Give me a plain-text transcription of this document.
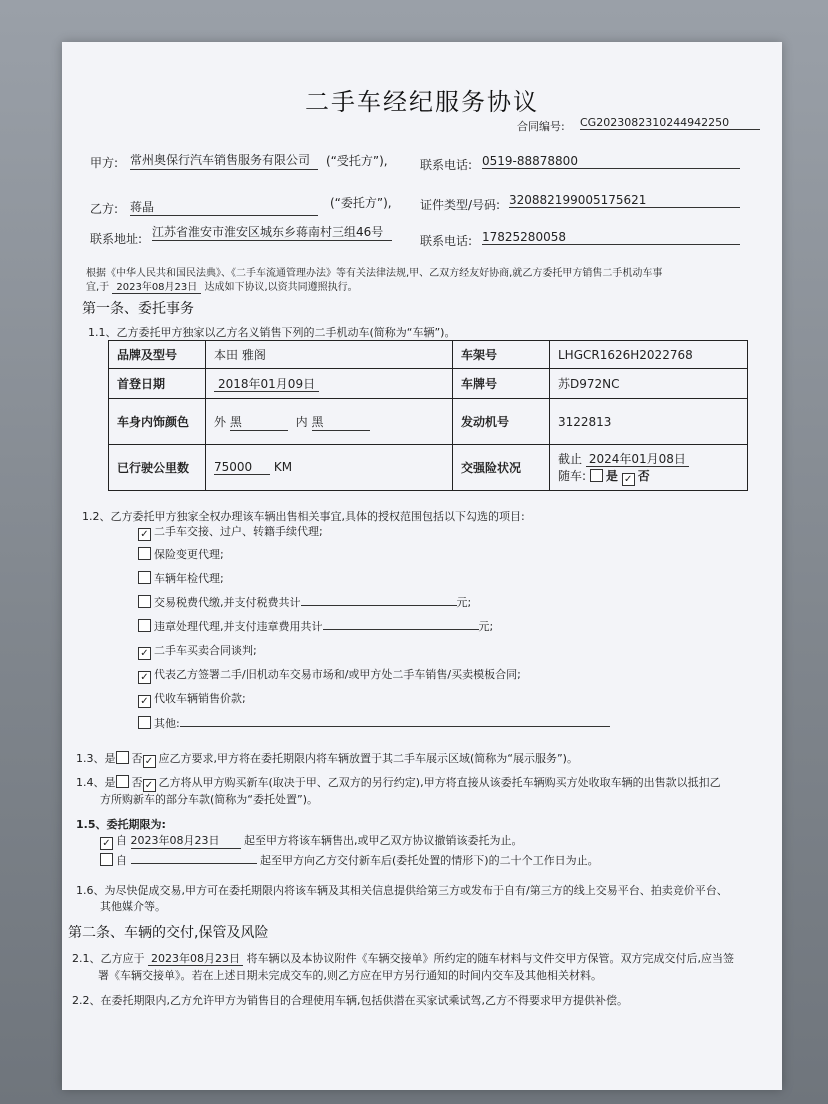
二手车经纪服务协议
合同编号: CG2023082310244942250
甲方: 常州奥保行汽车销售服务有限公司	(“受托方”),	联系电话: 0519-88878800
乙方: 蒋晶	(“委托方”), 证件类型/号码: 320882199005175621
联系地址: 江苏省淮安市淮安区城东乡蒋南村三组46号
联系电话: 17825280058
根据《中华人民共和国民法典》、《二手车流通管理办法》等有关法律法规,甲、乙双方经友好协商,就乙方委托甲方销售二手机动车事
宜,于 2023年08月23日 达成如下协议,以资共同遵照执行。
第一条、委托事务
1.1、乙方委托甲方独家以乙方名义销售下列的二手机动车(简称为“车辆”)。
品牌及型号	本田 雅阁	车架号	LHGCR1626H2022768
首登日期	2018年01月09日	车牌号	苏D972NC
车身内饰颜色	外 黑 内 黑	发动机号	3122813
已行驶公里数	75000 KM	交强险状况	截止 2024年01月08日
随车: 是 ✓ 否
1.2、乙方委托甲方独家全权办理该车辆出售相关事宜,具体的授权范围包括以下勾选的项目:
✓ 二手车交接、过户、转籍手续代理;
保险变更代理;
车辆年检代理;
交易税费代缴,并支付税费共计	元;
违章处理代理,并支付违章费用共计	元;
✓ 二手车买卖合同谈判;
✓ 代表乙方签署二手/旧机动车交易市场和/或甲方处二手车销售/买卖模板合同;
✓ 代收车辆销售价款;
其他:
1.3、是 否 ✓ 应乙方要求,甲方将在委托期限内将车辆放置于其二手车展示区域(简称为“展示服务”)。
1.4、是 否 ✓ 乙方将从甲方购买新车(取决于甲、乙双方的另行约定),甲方将直接从该委托车辆购买方处收取车辆的出售款以抵扣乙
方所购新车的部分车款(简称为“委托处置”)。
1.5、委托期限为:
✓ 自 2023年08月23日 起至甲方将该车辆售出,或甲乙双方协议撤销该委托为止。
自	起至甲方向乙方交付新车后(委托处置的情形下)的二十个工作日为止。
1.6、为尽快促成交易,甲方可在委托期限内将该车辆及其相关信息提供给第三方或发布于自有/第三方的线上交易平台、拍卖竞价平台、
其他媒介等。
第二条、车辆的交付,保管及风险
2.1、乙方应于 2023年08月23日 将车辆以及本协议附件《车辆交接单》所约定的随车材料与文件交甲方保管。双方完成交付后,应当签
署《车辆交接单》。若在上述日期未完成交车的,则乙方应在甲方另行通知的时间内交车及其他相关材料。
2.2、在委托期限内,乙方允许甲方为销售目的合理使用车辆,包括供潜在买家试乘试驾,乙方不得要求甲方提供补偿。
